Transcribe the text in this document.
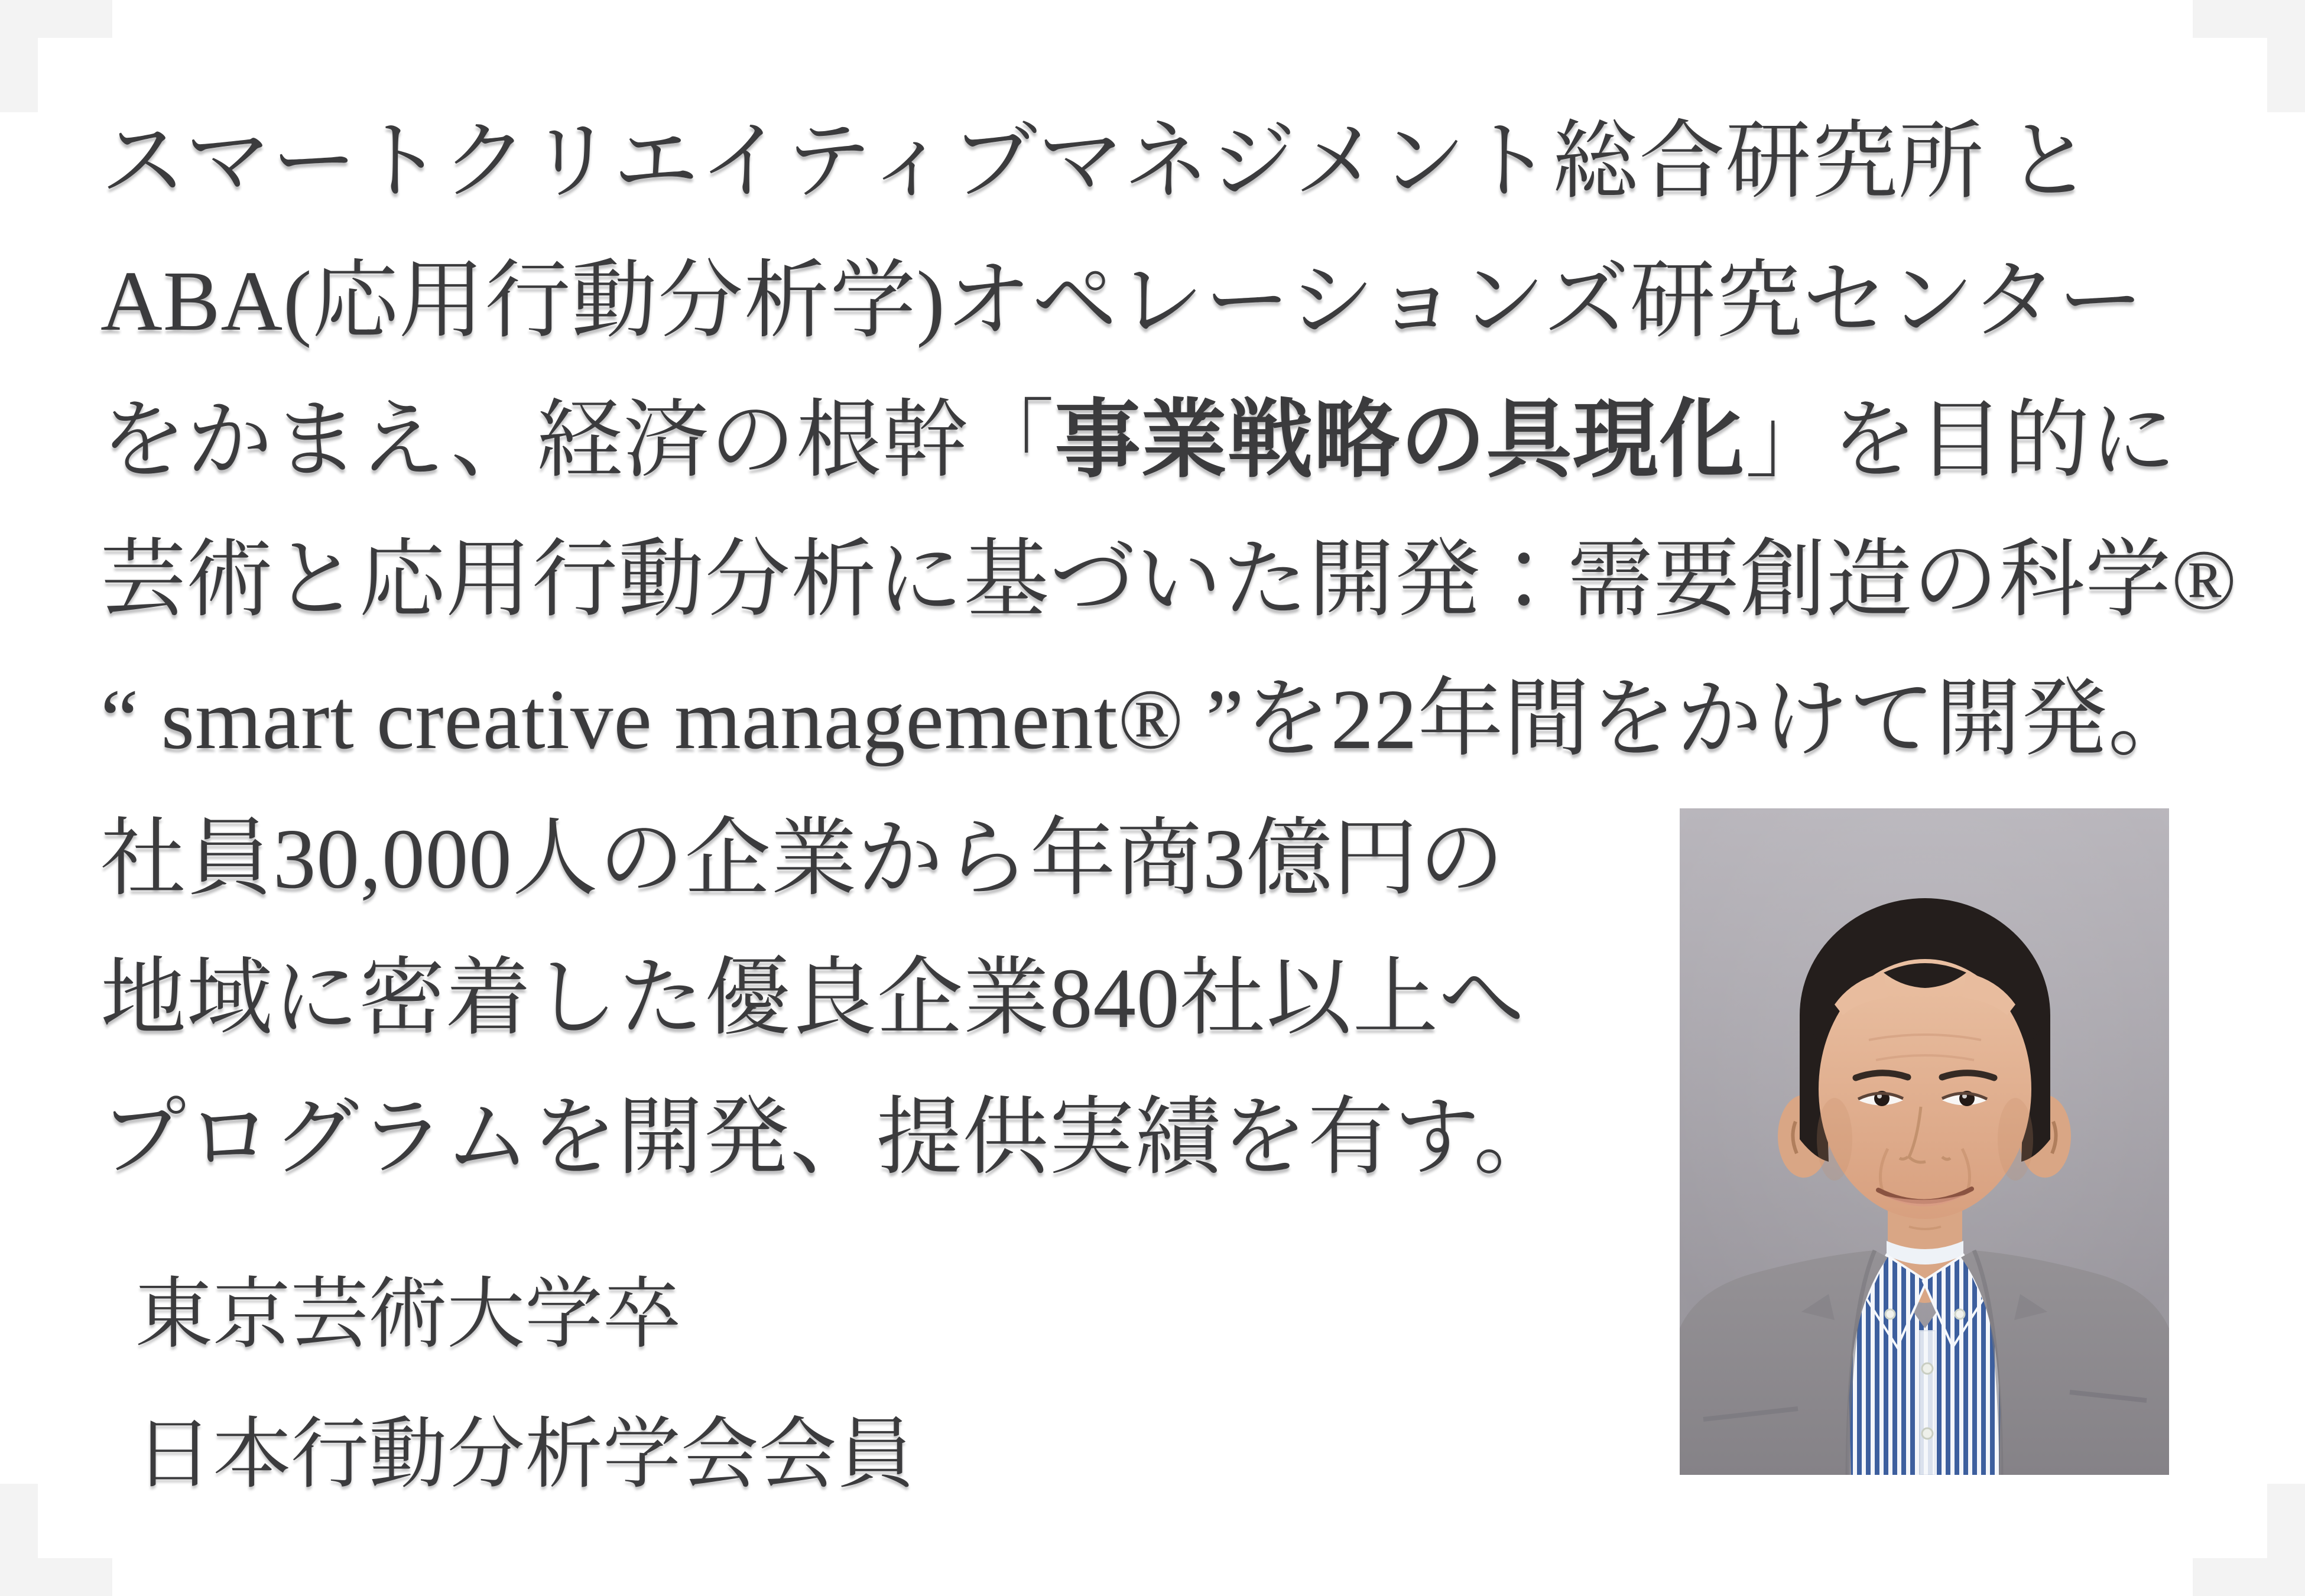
スマートクリエイティブマネジメント総合研究所 と
ABA(応用行動分析学)オペレーションズ研究センター
をかまえ、経済の根幹「事業戦略の具現化」を目的に
芸術と応用行動分析に基づいた開発：需要創造の科学®
“ smart creative management® ”を22年間をかけて開発。
社員30,000人の企業から年商3億円の
地域に密着した優良企業840社以上へ
プログラムを開発、提供実績を有す。
東京芸術大学卒
日本行動分析学会会員
